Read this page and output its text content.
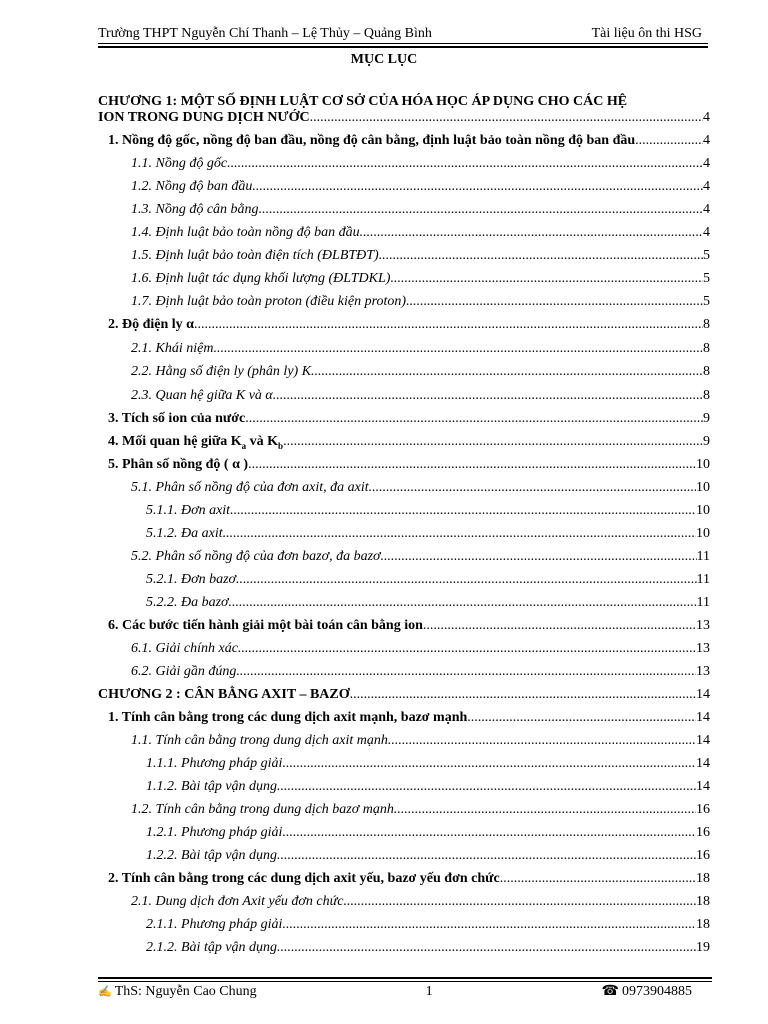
Trường THPT Nguyễn Chí Thanh – Lệ Thủy – Quảng Bình	Tài liệu ôn thi HSG
MỤC LỤC
CHƯƠNG 1: MỘT SỐ ĐỊNH LUẬT CƠ SỞ CỦA HÓA HỌC ÁP DỤNG CHO CÁC HỆ
ION TRONG DUNG DỊCH NƯỚC .....	4
1. Nồng độ gốc, nồng độ ban đầu, nồng độ cân bằng, định luật bảo toàn nồng độ ban đầu .....	4
1.1. Nồng độ gốc .....	4
1.2. Nồng độ ban đầu .....	4
1.3. Nồng độ cân bằng .....	4
1.4. Định luật bảo toàn nồng độ ban đầu .....	4
1.5. Định luật bảo toàn điện tích (ĐLBTĐT) .....	5
1.6. Định luật tác dụng khối lượng (ĐLTDKL) .....	5
1.7. Định luật bảo toàn proton (điều kiện proton) .....	5
2. Độ điện ly α .....	8
2.1. Khái niệm .....	8
2.2. Hằng số điện ly (phân ly) K .....	8
2.3. Quan hệ giữa K và α .....	8
3. Tích số ion của nước .....	9
4. Mối quan hệ giữa $K_a$ và $K_b$ .....	9
5. Phân số nồng độ ( α ) .....	10
5.1. Phân số nồng độ của đơn axit, đa axit .....	10
5.1.1. Đơn axit .....	10
5.1.2. Đa axit .....	10
5.2. Phân số nồng độ của đơn bazơ, đa bazơ .....	11
5.2.1. Đơn bazơ .....	11
5.2.2. Đa bazơ .....	11
6. Các bước tiến hành giải một bài toán cân bằng ion .....	13
6.1. Giải chính xác .....	13
6.2. Giải gần đúng .....	13
CHƯƠNG 2 : CÂN BẰNG AXIT – BAZƠ .....	14
1. Tính cân bằng trong các dung dịch axit mạnh, bazơ mạnh .....	14
1.1. Tính cân bằng trong dung dịch axit mạnh .....	14
1.1.1. Phương pháp giải .....	14
1.1.2. Bài tập vận dụng .....	14
1.2. Tính cân bằng trong dung dịch bazơ mạnh .....	16
1.2.1. Phương pháp giải .....	16
1.2.2. Bài tập vận dụng .....	16
2. Tính cân bằng trong các dung dịch axit yếu, bazơ yếu đơn chức .....	18
2.1. Dung dịch đơn Axit yếu đơn chức .....	18
2.1.1. Phương pháp giải .....	18
2.1.2. Bài tập vận dụng .....	19
✍ ThS: Nguyễn Cao Chung	1	☎ 0973904885
